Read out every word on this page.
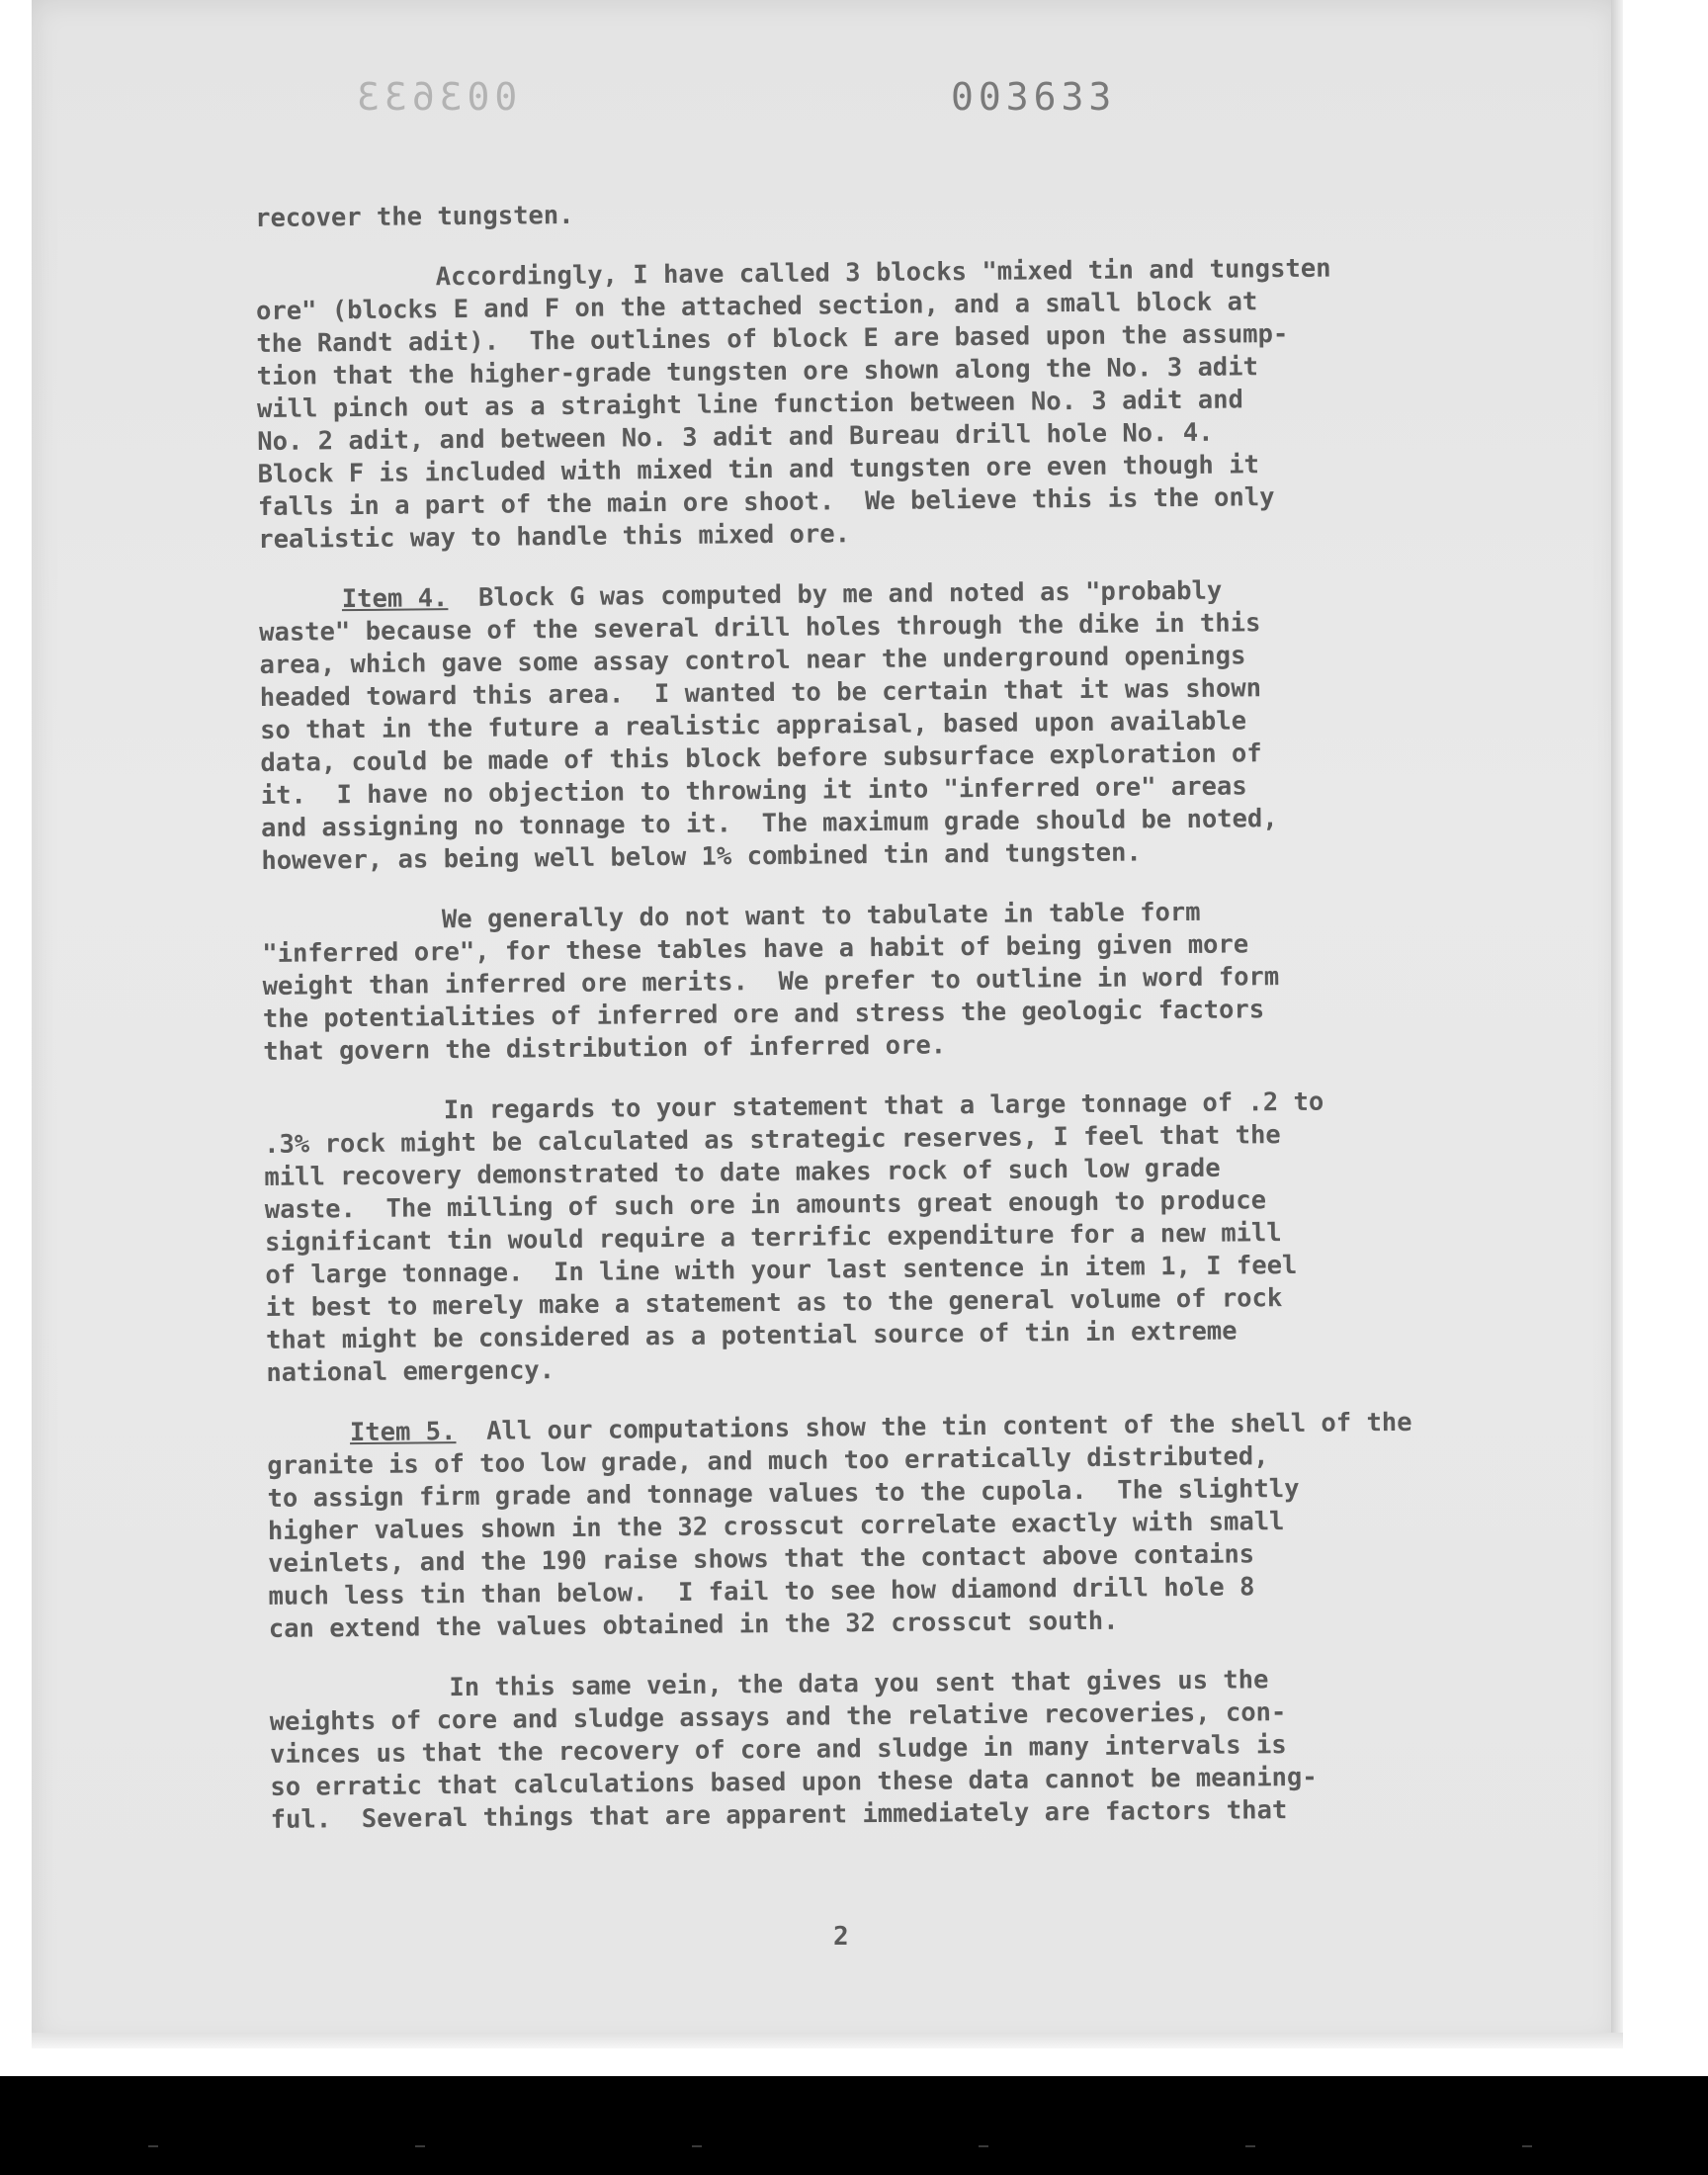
003633	003633

recover the tungsten.

Accordingly, I have called 3 blocks "mixed tin and tungsten

ore" (blocks E and F on the attached section, and a small block at

the Randt adit).  The outlines of block E are based upon the assump-

tion that the higher-grade tungsten ore shown along the No. 3 adit

will pinch out as a straight line function between No. 3 adit and

No. 2 adit, and between No. 3 adit and Bureau drill hole No. 4.

Block F is included with mixed tin and tungsten ore even though it

falls in a part of the main ore shoot.  We believe this is the only

realistic way to handle this mixed ore.

Item 4.  Block G was computed by me and noted as "probably

waste" because of the several drill holes through the dike in this

area, which gave some assay control near the underground openings

headed toward this area.  I wanted to be certain that it was shown

so that in the future a realistic appraisal, based upon available

data, could be made of this block before subsurface exploration of

it.  I have no objection to throwing it into "inferred ore" areas

and assigning no tonnage to it.  The maximum grade should be noted,

however, as being well below 1% combined tin and tungsten.

We generally do not want to tabulate in table form

"inferred ore", for these tables have a habit of being given more

weight than inferred ore merits.  We prefer to outline in word form

the potentialities of inferred ore and stress the geologic factors

that govern the distribution of inferred ore.

In regards to your statement that a large tonnage of .2 to

.3% rock might be calculated as strategic reserves, I feel that the

mill recovery demonstrated to date makes rock of such low grade

waste.  The milling of such ore in amounts great enough to produce

significant tin would require a terrific expenditure for a new mill

of large tonnage.  In line with your last sentence in item 1, I feel

it best to merely make a statement as to the general volume of rock

that might be considered as a potential source of tin in extreme

national emergency.

Item 5.  All our computations show the tin content of the shell of the

granite is of too low grade, and much too erratically distributed,

to assign firm grade and tonnage values to the cupola.  The slightly

higher values shown in the 32 crosscut correlate exactly with small

veinlets, and the 190 raise shows that the contact above contains

much less tin than below.  I fail to see how diamond drill hole 8

can extend the values obtained in the 32 crosscut south.

In this same vein, the data you sent that gives us the

weights of core and sludge assays and the relative recoveries, con-

vinces us that the recovery of core and sludge in many intervals is

so erratic that calculations based upon these data cannot be meaning-

ful.  Several things that are apparent immediately are factors that

2
